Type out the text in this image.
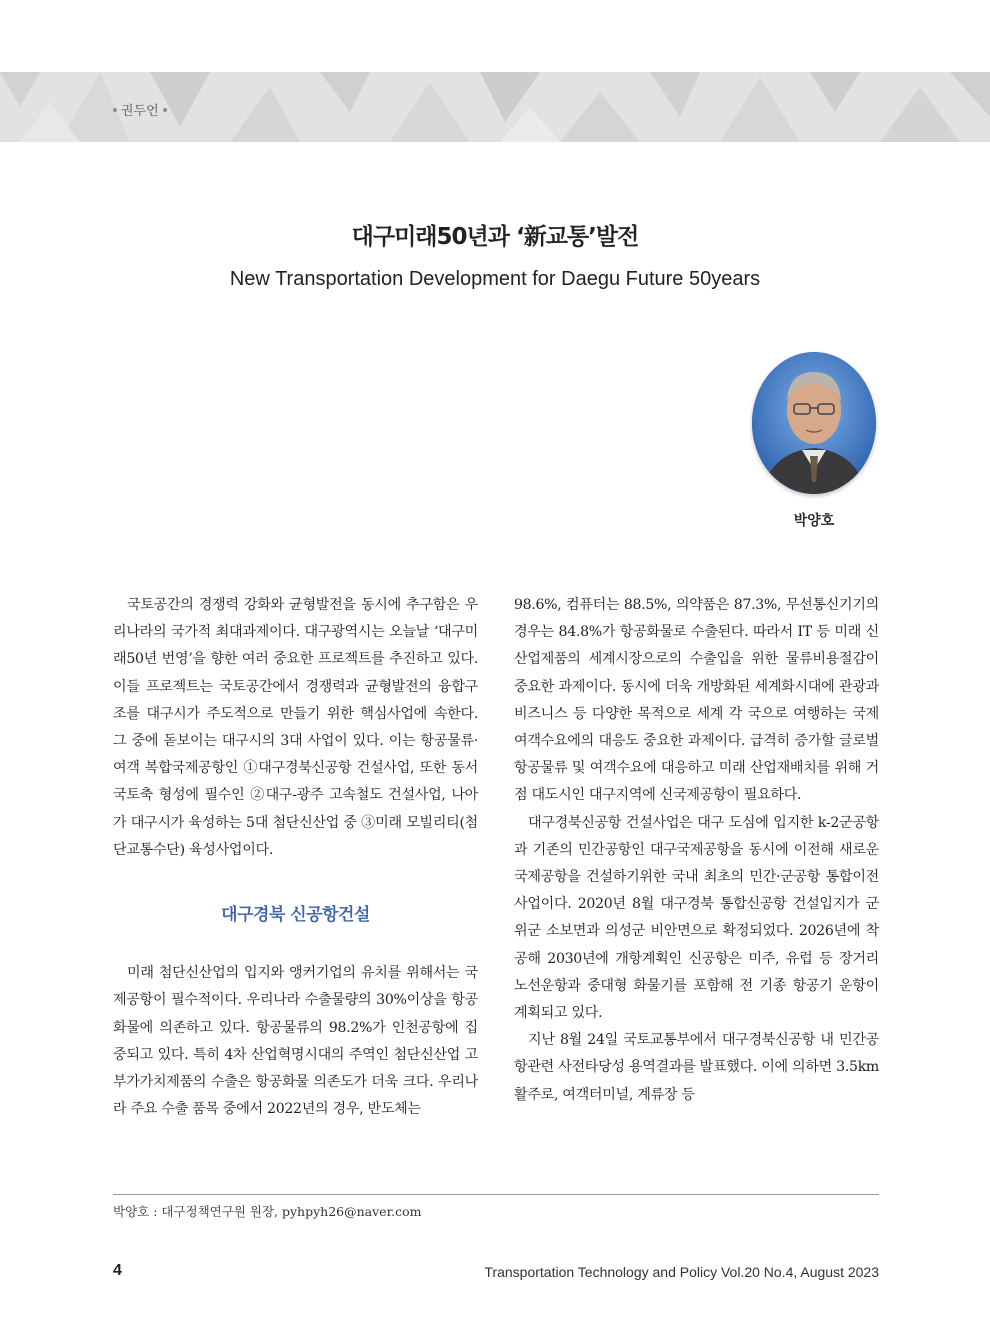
권두언
대구미래50년과 ‘新교통’발전
New Transportation Development for Daegu Future 50years
박양호

국토공간의 경쟁력 강화와 균형발전을 동시에 추구함은 우리나라의 국가적 최대과제이다. 대구광역시는 오늘날 ‘대구미래50년 번영’을 향한 여러 중요한 프로젝트를 추진하고 있다. 이들 프로젝트는 국토공간에서 경쟁력과 균형발전의 융합구조를 대구시가 주도적으로 만들기 위한 핵심사업에 속한다. 그 중에 돋보이는 대구시의 3대 사업이 있다. 이는 항공물류·여객 복합국제공항인 ①대구경북신공항 건설사업, 또한 동서국토축 형성에 필수인 ②대구-광주 고속철도 건설사업, 나아가 대구시가 육성하는 5대 첨단신산업 중 ③미래 모빌리티(첨단교통수단) 육성사업이다.

대구경북 신공항건설

미래 첨단신산업의 입지와 앵커기업의 유치를 위해서는 국제공항이 필수적이다. 우리나라 수출물량의 30%이상을 항공화물에 의존하고 있다. 항공물류의 98.2%가 인천공항에 집중되고 있다. 특히 4차 산업혁명시대의 주역인 첨단신산업 고부가가치제품의 수출은 항공화물 의존도가 더욱 크다. 우리나라 주요 수출 품목 중에서 2022년의 경우, 반도체는

98.6%, 컴퓨터는 88.5%, 의약품은 87.3%, 무선통신기기의 경우는 84.8%가 항공화물로 수출된다. 따라서 IT 등 미래 신산업제품의 세계시장으로의 수출입을 위한 물류비용절감이 중요한 과제이다. 동시에 더욱 개방화된 세계화시대에 관광과 비즈니스 등 다양한 목적으로 세계 각 국으로 여행하는 국제여객수요에의 대응도 중요한 과제이다. 급격히 증가할 글로벌 항공물류 및 여객수요에 대응하고 미래 산업재배치를 위해 거점 대도시인 대구지역에 신국제공항이 필요하다.

대구경북신공항 건설사업은 대구 도심에 입지한 k-2군공항과 기존의 민간공항인 대구국제공항을 동시에 이전해 새로운 국제공항을 건설하기위한 국내 최초의 민간·군공항 통합이전사업이다. 2020년 8월 대구경북 통합신공항 건설입지가 군위군 소보면과 의성군 비안면으로 확정되었다. 2026년에 착공해 2030년에 개항계획인 신공항은 미주, 유럽 등 장거리 노선운항과 중대형 화물기를 포함해 전 기종 항공기 운항이 계획되고 있다.

지난 8월 24일 국토교통부에서 대구경북신공항 내 민간공항관련 사전타당성 용역결과를 발표했다. 이에 의하면 3.5km활주로, 여객터미널, 계류장 등

박양호 : 대구정책연구원 원장, pyhpyh26@naver.com
4	Transportation Technology and Policy Vol.20 No.4, August 2023
